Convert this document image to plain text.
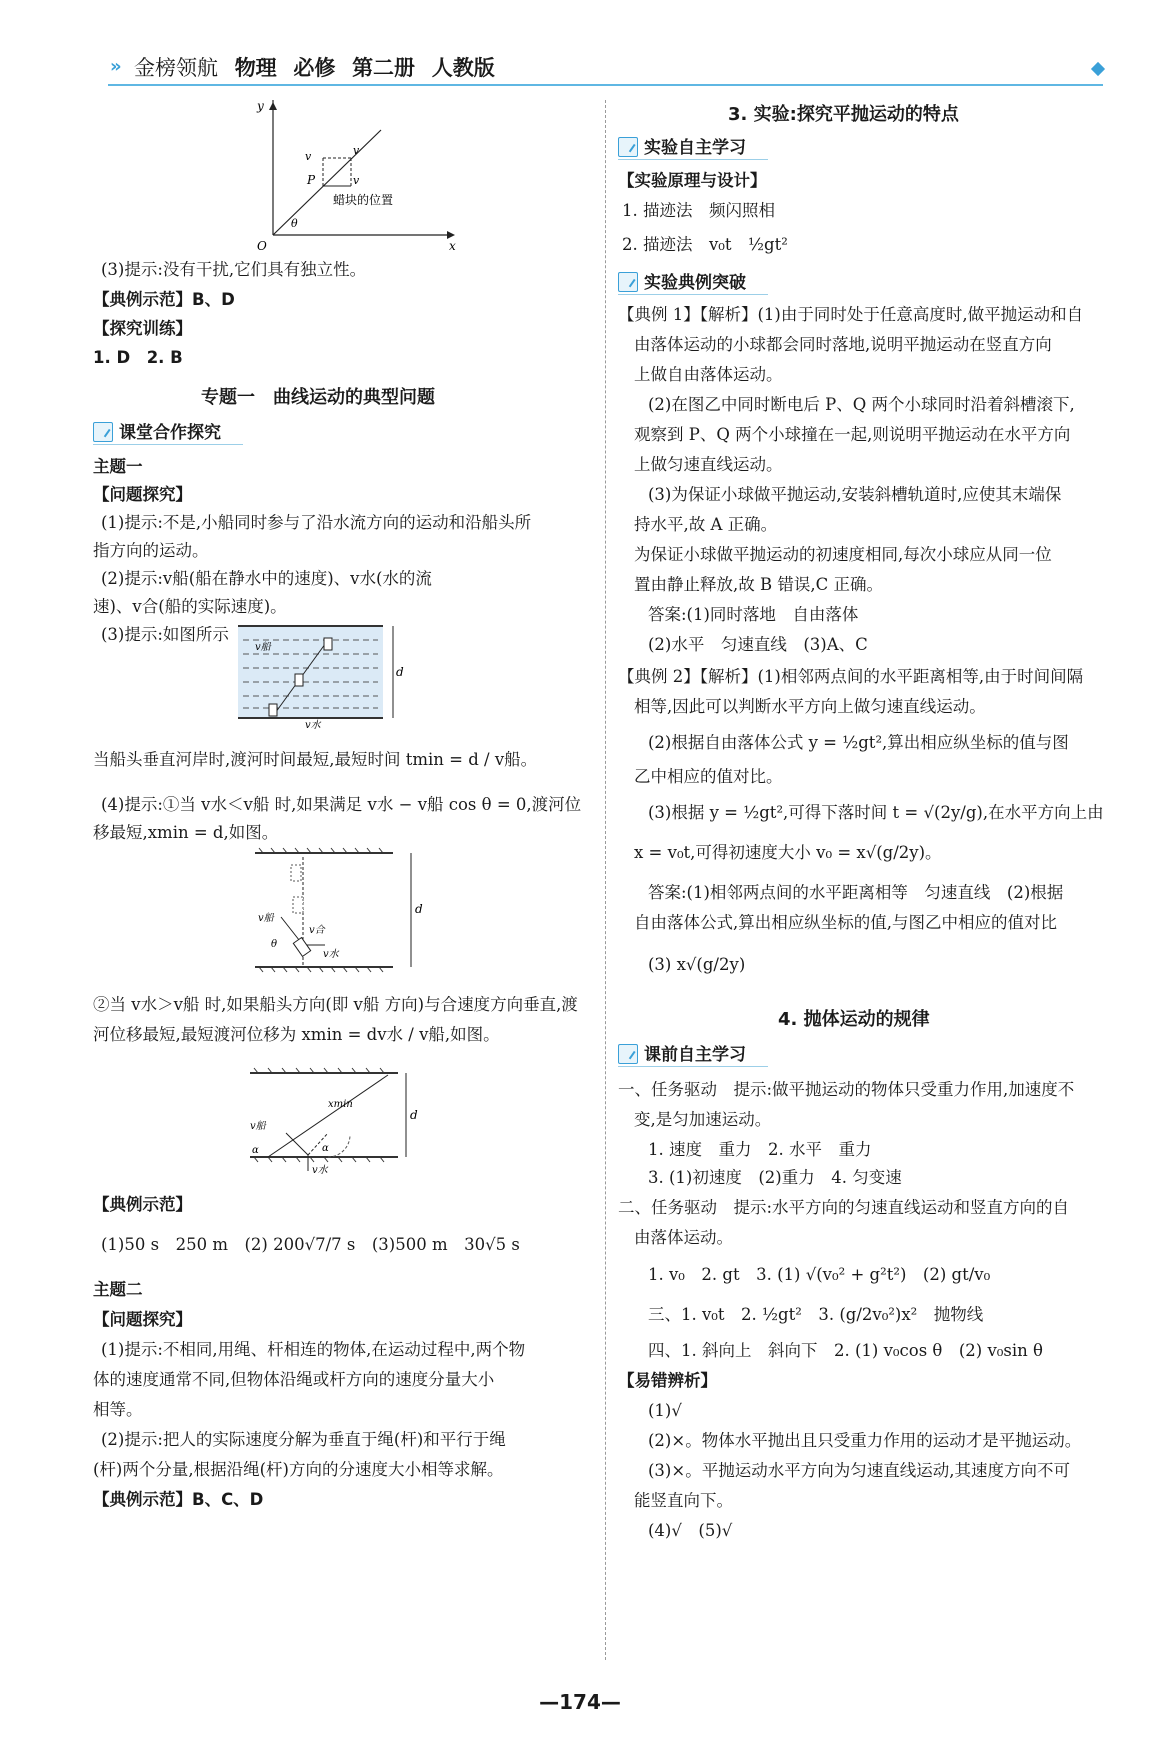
» 金榜领航 物理 必修 第二册 人教版
y
x
O
P
v
v
v
θ
蜡块的位置
(3)提示:没有干扰,它们具有独立性。
【典例示范】B、D
【探究训练】
1. D　2. B
专题一　曲线运动的典型问题
课堂合作探究
主题一
【问题探究】
(1)提示:不是,小船同时参与了沿水流方向的运动和沿船头所
指方向的运动。
(2)提示:v船(船在静水中的速度)、v水(水的流
速)、v合(船的实际速度)。
(3)提示:如图所示
d
v船
v水
当船头垂直河岸时,渡河时间最短,最短时间 tmin = d / v船。
(4)提示:①当 v水＜v船 时,如果满足 v水 − v船 cos θ = 0,渡河位
移最短,xmin = d,如图。
d
v船
v合
v水
θ
②当 v水＞v船 时,如果船头方向(即 v船 方向)与合速度方向垂直,渡
河位移最短,最短渡河位移为 xmin = dv水 / v船,如图。
d
xmin
v船
v水
α	α
【典例示范】
(1)50 s　250 m　(2) 200√7/7 s　(3)500 m　30√5 s
主题二
【问题探究】
(1)提示:不相同,用绳、杆相连的物体,在运动过程中,两个物
体的速度通常不同,但物体沿绳或杆方向的速度分量大小
相等。
(2)提示:把人的实际速度分解为垂直于绳(杆)和平行于绳
(杆)两个分量,根据沿绳(杆)方向的分速度大小相等求解。
【典例示范】B、C、D
3. 实验:探究平抛运动的特点
实验自主学习
【实验原理与设计】
1. 描迹法　频闪照相
2. 描迹法　v₀t　½gt²
实验典例突破
【典例 1】【解析】(1)由于同时处于任意高度时,做平抛运动和自
由落体运动的小球都会同时落地,说明平抛运动在竖直方向
上做自由落体运动。
(2)在图乙中同时断电后 P、Q 两个小球同时沿着斜槽滚下,
观察到 P、Q 两个小球撞在一起,则说明平抛运动在水平方向
上做匀速直线运动。
(3)为保证小球做平抛运动,安装斜槽轨道时,应使其末端保
持水平,故 A 正确。
为保证小球做平抛运动的初速度相同,每次小球应从同一位
置由静止释放,故 B 错误,C 正确。
答案:(1)同时落地　自由落体
(2)水平　匀速直线　(3)A、C
【典例 2】【解析】(1)相邻两点间的水平距离相等,由于时间间隔
相等,因此可以判断水平方向上做匀速直线运动。
(2)根据自由落体公式 y = ½gt²,算出相应纵坐标的值与图
乙中相应的值对比。
(3)根据 y = ½gt²,可得下落时间 t = √(2y/g),在水平方向上由
x = v₀t,可得初速度大小 v₀ = x√(g/2y)。
答案:(1)相邻两点间的水平距离相等　匀速直线　(2)根据
自由落体公式,算出相应纵坐标的值,与图乙中相应的值对比
(3) x√(g/2y)
4. 抛体运动的规律
课前自主学习
一、任务驱动　提示:做平抛运动的物体只受重力作用,加速度不
变,是匀加速运动。
1. 速度　重力　2. 水平　重力
3. (1)初速度　(2)重力　4. 匀变速
二、任务驱动　提示:水平方向的匀速直线运动和竖直方向的自
由落体运动。
1. v₀　2. gt　3. (1) √(v₀² + g²t²)　(2) gt/v₀
三、1. v₀t　2. ½gt²　3. (g/2v₀²)x²　抛物线
四、1. 斜向上　斜向下　2. (1) v₀cos θ　(2) v₀sin θ
【易错辨析】
(1)√
(2)×。物体水平抛出且只受重力作用的运动才是平抛运动。
(3)×。平抛运动水平方向为匀速直线运动,其速度方向不可
能竖直向下。
(4)√　(5)√
—174—
